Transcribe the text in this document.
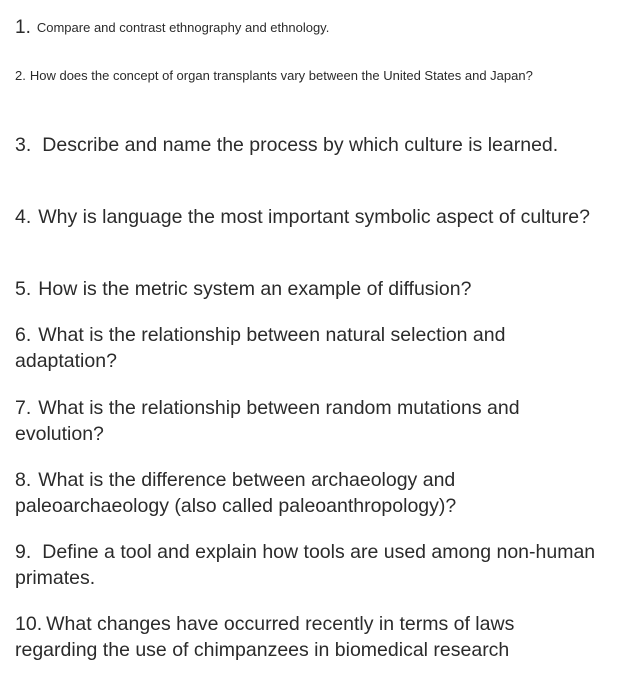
1. Compare and contrast ethnography and ethnology.

2. How does the concept of organ transplants vary between the United States and Japan?

3. Describe and name the process by which culture is learned.

4. Why is language the most important symbolic aspect of culture?

5. How is the metric system an example of diffusion?

6. What is the relationship between natural selection and adaptation?

7. What is the relationship between random mutations and evolution?

8. What is the difference between archaeology and paleoarchaeology (also called paleoanthropology)?

9. Define a tool and explain how tools are used among non-human primates.

10. What changes have occurred recently in terms of laws regarding the use of chimpanzees in biomedical research
